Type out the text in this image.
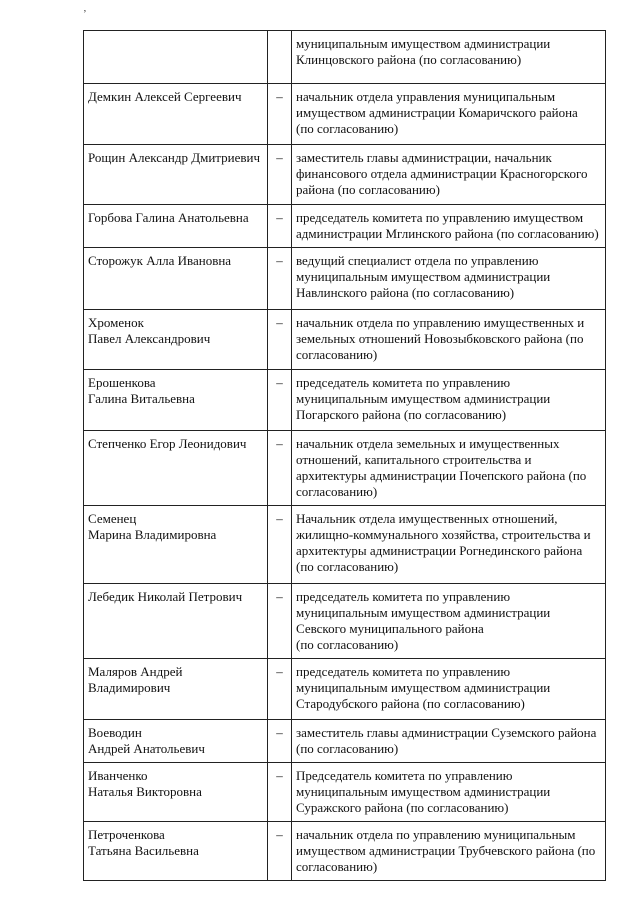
ʼ

		муниципальным имуществом администрации
Клинцовского района (по согласованию)

Демкин Алексей Сергеевич	–	начальник отдела управления муниципальным
имуществом администрации Комаричского района
(по согласованию)

Рощин Александр Дмитриевич	–	заместитель главы администрации, начальник
финансового отдела администрации Красногорского
района (по согласованию)

Горбова Галина Анатольевна	–	председатель комитета по управлению имуществом
администрации Мглинского района (по согласованию)

Сторожук Алла Ивановна	–	ведущий специалист отдела по управлению
муниципальным имуществом администрации
Навлинского района (по согласованию)

Хроменок
Павел Александрович	–	начальник отдела по управлению имущественных и
земельных отношений Новозыбковского района (по
согласованию)

Ерошенкова
Галина Витальевна	–	председатель комитета по управлению
муниципальным имуществом администрации
Погарского района (по согласованию)

Степченко Егор Леонидович	–	начальник отдела земельных и имущественных
отношений, капитального строительства и
архитектуры администрации Почепского района (по
согласованию)

Семенец
Марина Владимировна	–	Начальник отдела имущественных отношений,
жилищно-коммунального хозяйства, строительства и
архитектуры администрации Рогнединского района
(по согласованию)

Лебедик Николай Петрович	–	председатель комитета по управлению
муниципальным имуществом администрации
Севского муниципального района
(по согласованию)

Маляров Андрей
Владимирович	–	председатель комитета по управлению
муниципальным имуществом администрации
Стародубского района (по согласованию)

Воеводин
Андрей Анатольевич	–	заместитель главы администрации Суземского района
(по согласованию)

Иванченко
Наталья Викторовна	–	Председатель комитета по управлению
муниципальным имуществом администрации
Суражского района (по согласованию)

Петроченкова
Татьяна Васильевна	–	начальник отдела по управлению муниципальным
имуществом администрации Трубчевского района (по
согласованию)
